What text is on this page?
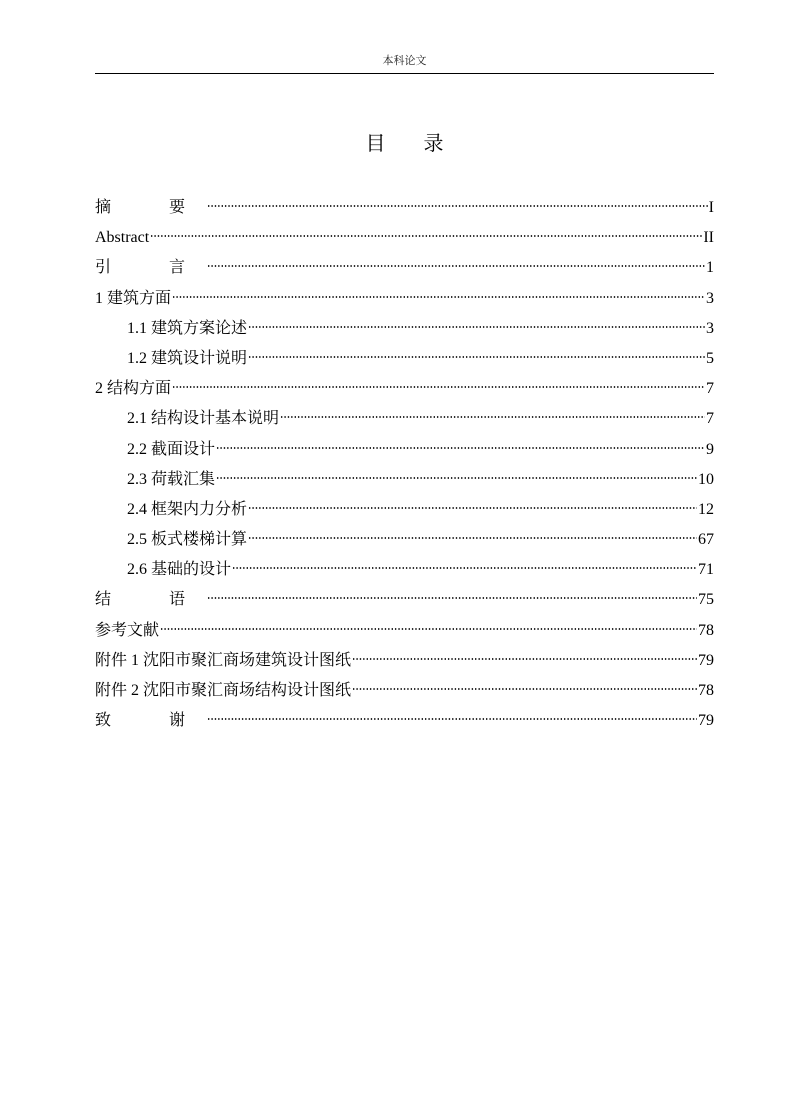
本科论文
目录
摘　要	I
Abstract	II
引　言	1
1 建筑方面	3
1.1 建筑方案论述	3
1.2 建筑设计说明	5
2 结构方面	7
2.1 结构设计基本说明	7
2.2 截面设计	9
2.3 荷载汇集	10
2.4 框架内力分析	12
2.5 板式楼梯计算	67
2.6 基础的设计	71
结　语	75
参考文献	78
附件 1 沈阳市聚汇商场建筑设计图纸	79
附件 2 沈阳市聚汇商场结构设计图纸	78
致　谢	79
